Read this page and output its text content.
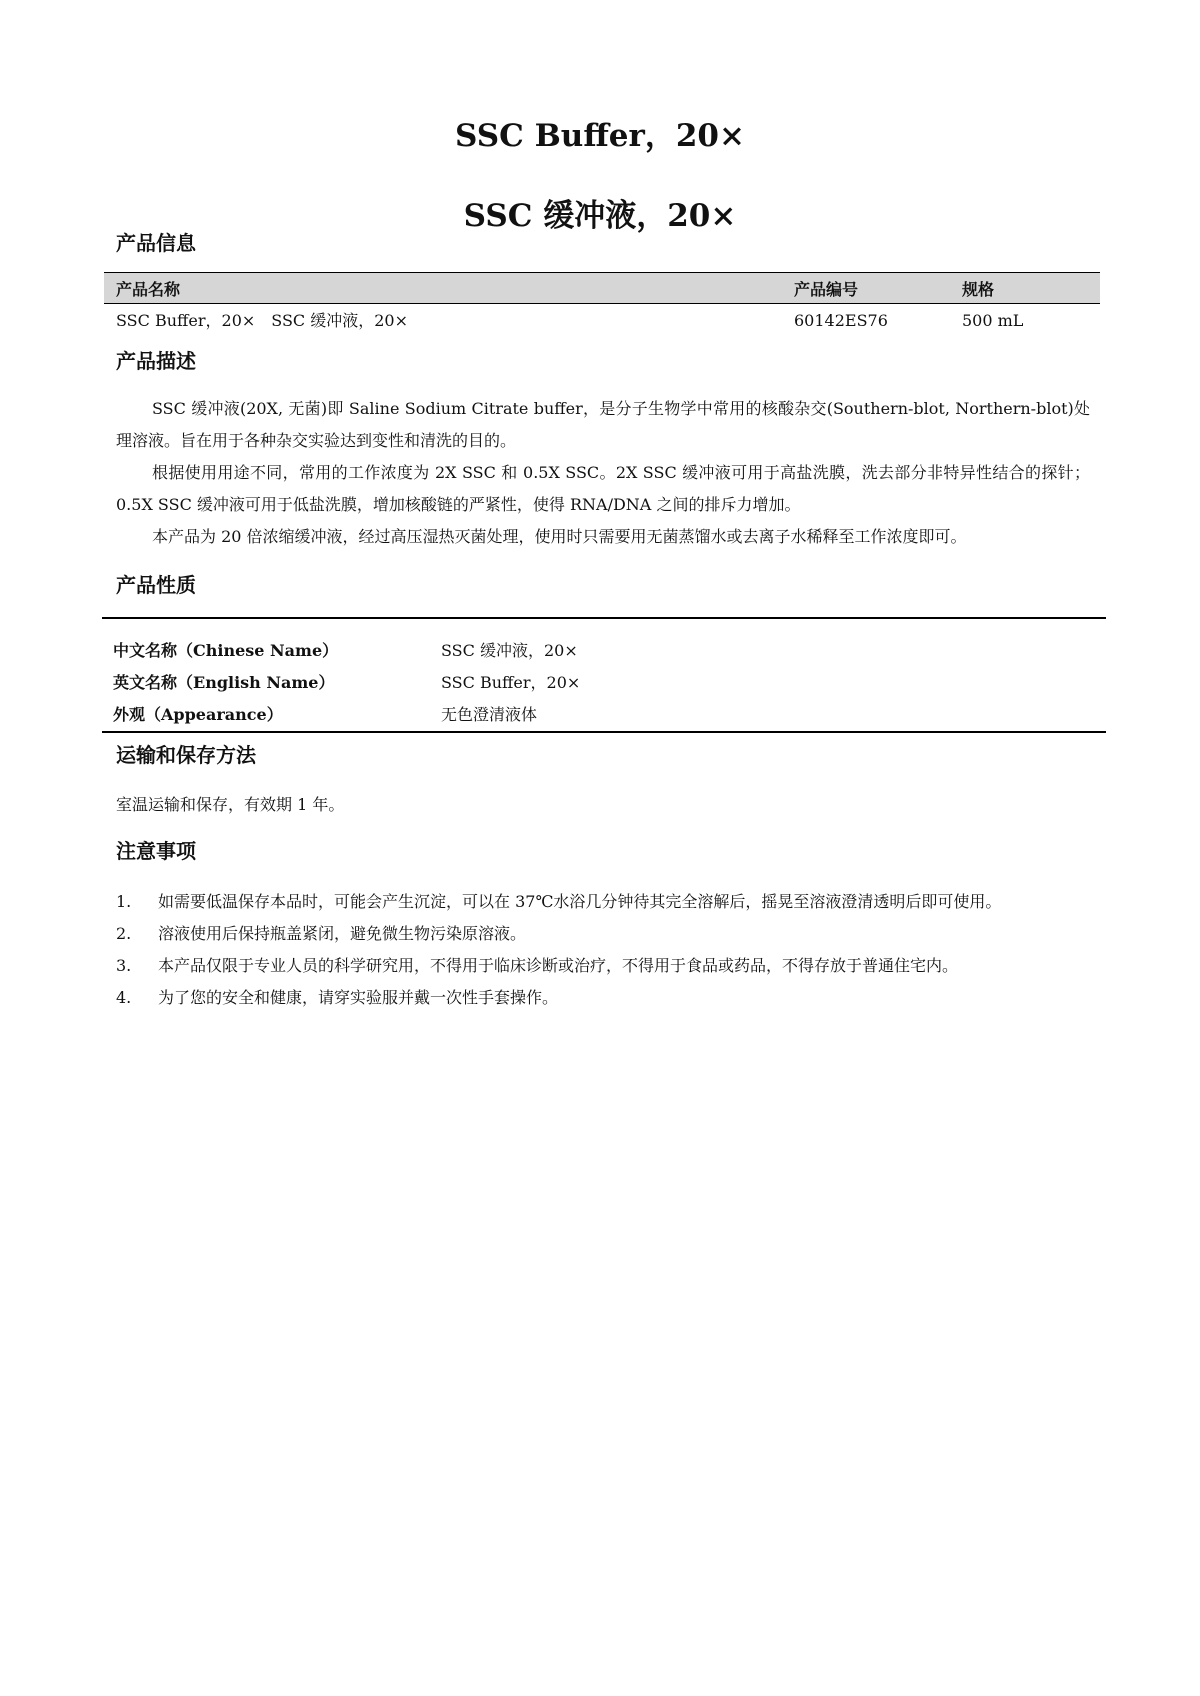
SSC Buffer，20×
SSC 缓冲液，20×
产品信息
产品名称	产品编号	规格
SSC Buffer，20×　SSC 缓冲液，20×	60142ES76	500 mL
产品描述
SSC 缓冲液(20X, 无菌)即 Saline Sodium Citrate buffer，是分子生物学中常用的核酸杂交(Southern-blot, Northern-blot)处理溶液。旨在用于各种杂交实验达到变性和清洗的目的。
根据使用用途不同，常用的工作浓度为 2X SSC 和 0.5X SSC。2X SSC 缓冲液可用于高盐洗膜，洗去部分非特异性结合的探针；0.5X SSC 缓冲液可用于低盐洗膜，增加核酸链的严紧性，使得 RNA/DNA 之间的排斥力增加。
本产品为 20 倍浓缩缓冲液，经过高压湿热灭菌处理，使用时只需要用无菌蒸馏水或去离子水稀释至工作浓度即可。
产品性质
中文名称（Chinese Name）	SSC 缓冲液，20×
英文名称（English Name）	SSC Buffer，20×
外观（Appearance）	无色澄清液体
运输和保存方法
室温运输和保存，有效期 1 年。
注意事项
1. 如需要低温保存本品时，可能会产生沉淀，可以在 37℃水浴几分钟待其完全溶解后，摇晃至溶液澄清透明后即可使用。
2. 溶液使用后保持瓶盖紧闭，避免微生物污染原溶液。
3. 本产品仅限于专业人员的科学研究用，不得用于临床诊断或治疗，不得用于食品或药品，不得存放于普通住宅内。
4. 为了您的安全和健康，请穿实验服并戴一次性手套操作。
